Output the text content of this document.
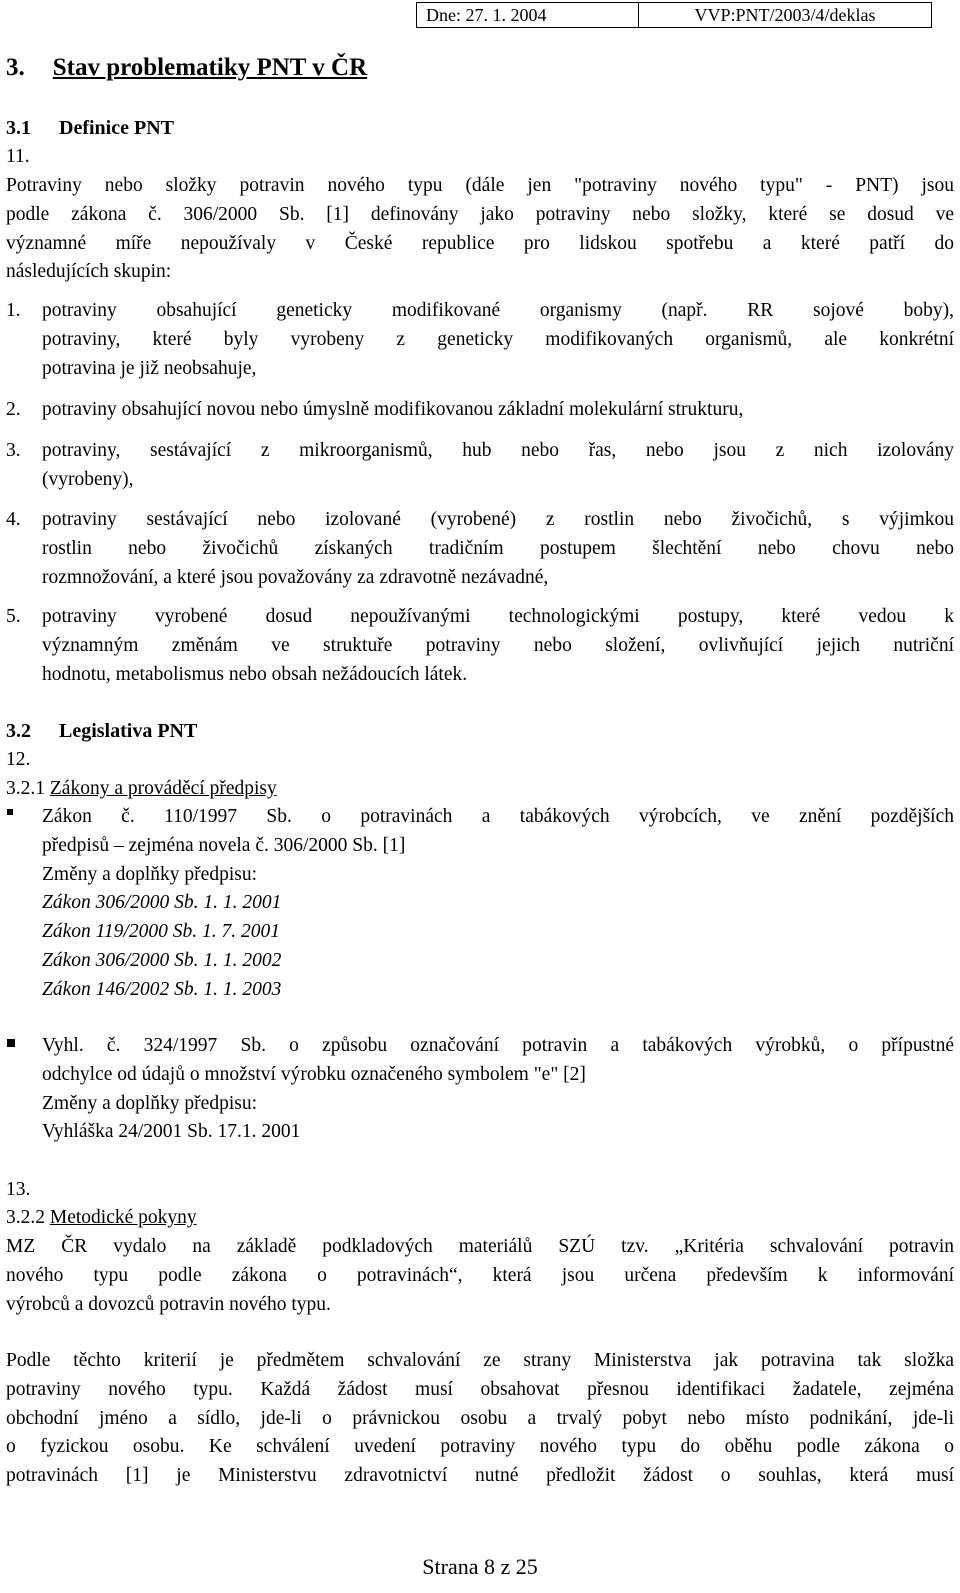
Dne: 27. 1. 2004	VVP:PNT/2003/4/deklas
3. Stav problematiky PNT v ČR
3.1 Definice PNT
11.
Potraviny nebo složky potravin nového typu (dále jen "potraviny nového typu" - PNT) jsou
podle zákona č. 306/2000 Sb. [1] definovány jako potraviny nebo složky, které se dosud ve
významné míře nepoužívaly v České republice pro lidskou spotřebu a které patří do
následujících skupin:
1. potraviny obsahující geneticky modifikované organismy (např. RR sojové boby),
potraviny, které byly vyrobeny z geneticky modifikovaných organismů, ale konkrétní
potravina je již neobsahuje,
2. potraviny obsahující novou nebo úmyslně modifikovanou základní molekulární strukturu,
3. potraviny, sestávající z mikroorganismů, hub nebo řas, nebo jsou z nich izolovány
(vyrobeny),
4. potraviny sestávající nebo izolované (vyrobené) z rostlin nebo živočichů, s výjimkou
rostlin nebo živočichů získaných tradičním postupem šlechtění nebo chovu nebo
rozmnožování, a které jsou považovány za zdravotně nezávadné,
5. potraviny vyrobené dosud nepoužívanými technologickými postupy, které vedou k
významným změnám ve struktuře potraviny nebo složení, ovlivňující jejich nutriční
hodnotu, metabolismus nebo obsah nežádoucích látek.
3.2 Legislativa PNT
12.
3.2.1 Zákony a prováděcí předpisy
Zákon č. 110/1997 Sb. o potravinách a tabákových výrobcích, ve znění pozdějších
předpisů – zejména novela č. 306/2000 Sb. [1]
Změny a doplňky předpisu:
Zákon 306/2000 Sb. 1. 1. 2001
Zákon 119/2000 Sb. 1. 7. 2001
Zákon 306/2000 Sb. 1. 1. 2002
Zákon 146/2002 Sb. 1. 1. 2003
Vyhl. č. 324/1997 Sb. o způsobu označování potravin a tabákových výrobků, o přípustné
odchylce od údajů o množství výrobku označeného symbolem "e" [2]
Změny a doplňky předpisu:
Vyhláška 24/2001 Sb. 17.1. 2001
13.
3.2.2 Metodické pokyny
MZ ČR vydalo na základě podkladových materiálů SZÚ tzv. „Kritéria schvalování potravin
nového typu podle zákona o potravinách“, která jsou určena především k informování
výrobců a dovozců potravin nového typu.
Podle těchto kriterií je předmětem schvalování ze strany Ministerstva jak potravina tak složka
potraviny nového typu. Každá žádost musí obsahovat přesnou identifikaci žadatele, zejména
obchodní jméno a sídlo, jde-li o právnickou osobu a trvalý pobyt nebo místo podnikání, jde-li
o fyzickou osobu. Ke schválení uvedení potraviny nového typu do oběhu podle zákona o
potravinách [1] je Ministerstvu zdravotnictví nutné předložit žádost o souhlas, která musí
Strana 8 z 25
